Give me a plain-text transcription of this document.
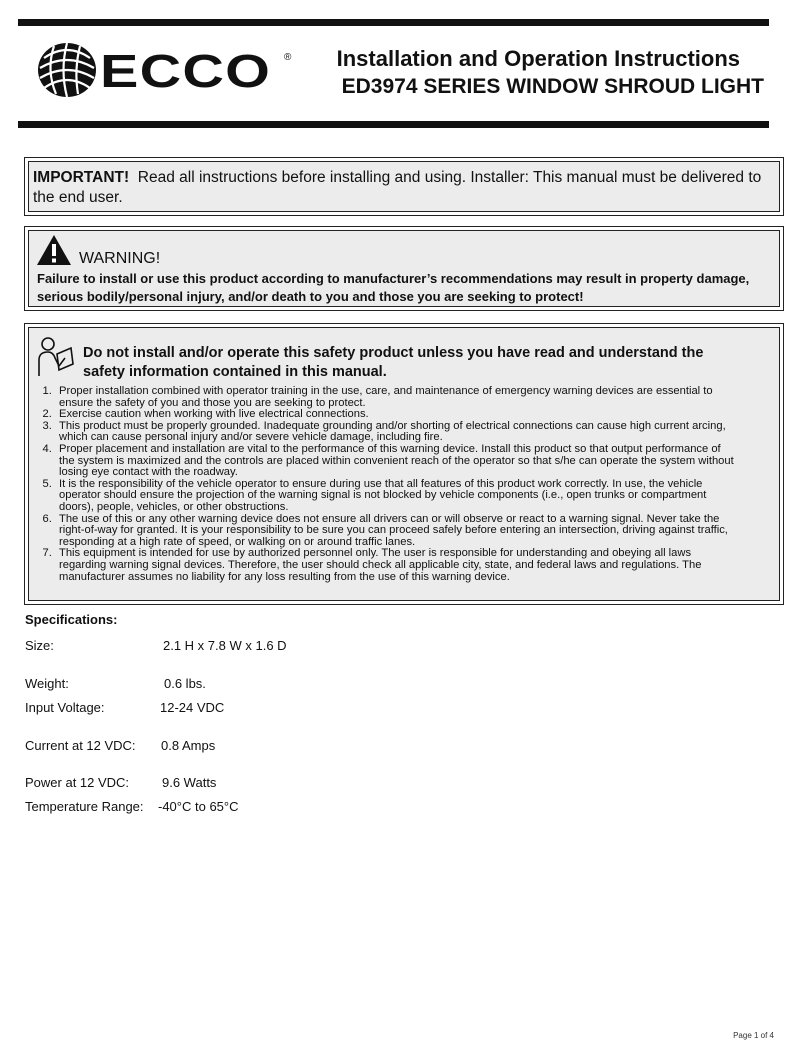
ECCO ® Installation and Operation Instructions
ED3974 SERIES WINDOW SHROUD LIGHT
IMPORTANT! Read all instructions before installing and using. Installer: This manual must be delivered to the end user.
WARNING!
Failure to install or use this product according to manufacturer’s recommendations may result in property damage, serious bodily/personal injury, and/or death to you and those you are seeking to protect!
Do not install and/or operate this safety product unless you have read and understand the safety information contained in this manual.
1. Proper installation combined with operator training in the use, care, and maintenance of emergency warning devices are essential to ensure the safety of you and those you are seeking to protect.
2. Exercise caution when working with live electrical connections.
3. This product must be properly grounded. Inadequate grounding and/or shorting of electrical connections can cause high current arcing, which can cause personal injury and/or severe vehicle damage, including fire.
4. Proper placement and installation are vital to the performance of this warning device. Install this product so that output performance of the system is maximized and the controls are placed within convenient reach of the operator so that s/he can operate the system without losing eye contact with the roadway.
5. It is the responsibility of the vehicle operator to ensure during use that all features of this product work correctly. In use, the vehicle operator should ensure the projection of the warning signal is not blocked by vehicle components (i.e., open trunks or compartment doors), people, vehicles, or other obstructions.
6. The use of this or any other warning device does not ensure all drivers can or will observe or react to a warning signal. Never take the right-of-way for granted. It is your responsibility to be sure you can proceed safely before entering an intersection, driving against traffic, responding at a high rate of speed, or walking on or around traffic lanes.
7. This equipment is intended for use by authorized personnel only. The user is responsible for understanding and obeying all laws regarding warning signal devices. Therefore, the user should check all applicable city, state, and federal laws and regulations. The manufacturer assumes no liability for any loss resulting from the use of this warning device.
Specifications:
Size:	2.1 H x 7.8 W x 1.6 D
Weight:	0.6 lbs.
Input Voltage:	12-24 VDC
Current at 12 VDC: 0.8 Amps
Power at 12 VDC:	9.6 Watts
Temperature Range: -40°C to 65°C
Page 1 of 4
